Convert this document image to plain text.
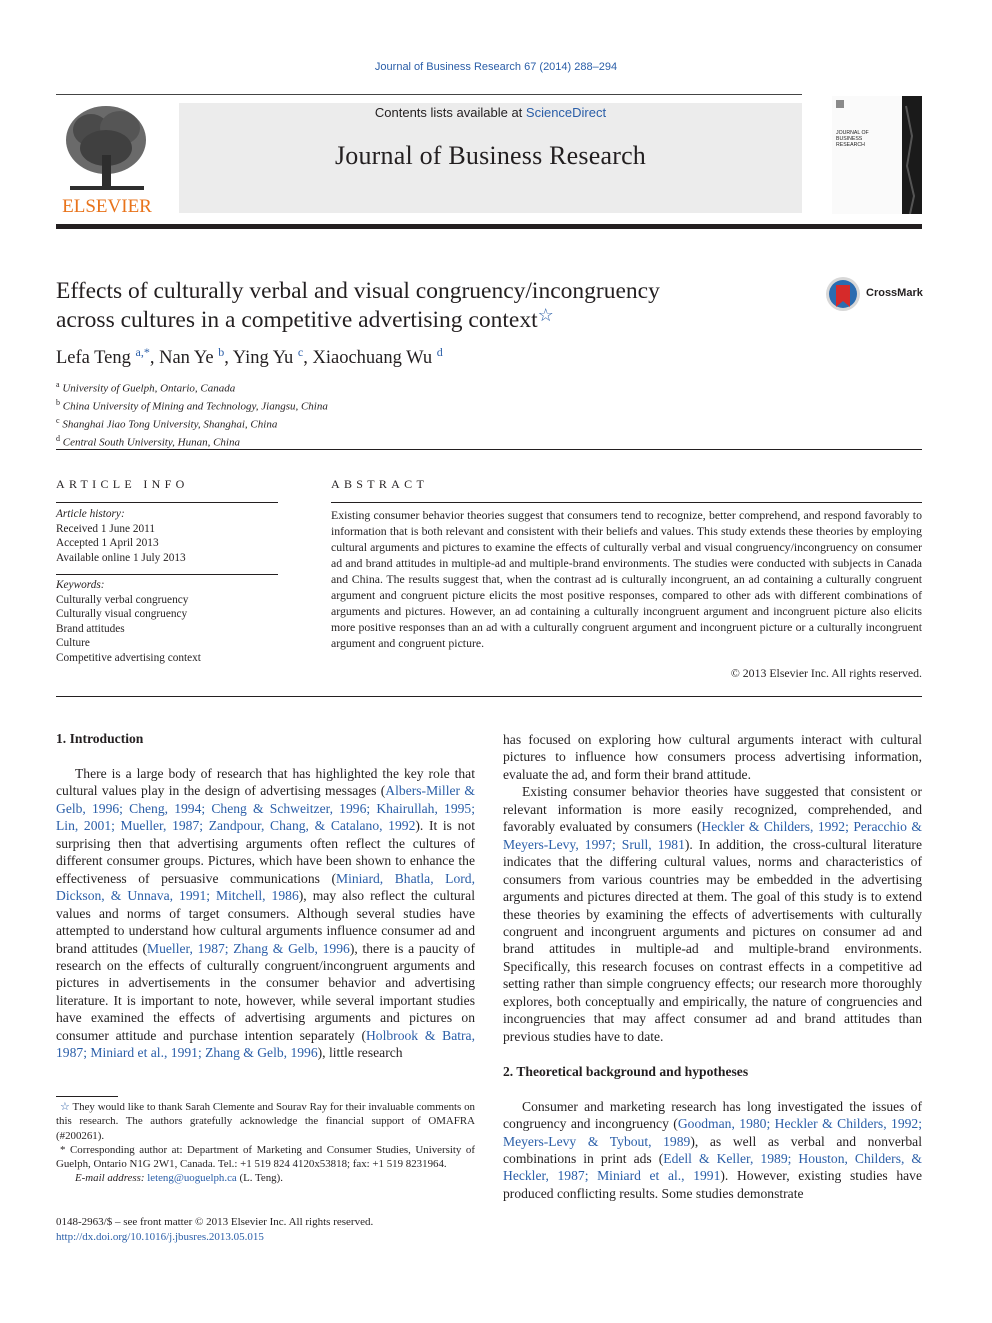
Journal of Business Research 67 (2014) 288–294
ELSEVIER
Contents lists available at ScienceDirect
Journal of Business Research
JOURNAL OF BUSINESS RESEARCH
Effects of culturally verbal and visual congruency/incongruency
across cultures in a competitive advertising context☆
CrossMark
Lefa Teng $^{a,*}$, Nan Ye $^b$, Ying Yu $^c$, Xiaochuang Wu $^d$
$^a$ University of Guelph, Ontario, Canada
$^b$ China University of Mining and Technology, Jiangsu, China
$^c$ Shanghai Jiao Tong University, Shanghai, China
$^d$ Central South University, Hunan, China
ARTICLE INFO
Article history:
Received 1 June 2011
Accepted 1 April 2013
Available online 1 July 2013
Keywords:
Culturally verbal congruency
Culturally visual congruency
Brand attitudes
Culture
Competitive advertising context
ABSTRACT
Existing consumer behavior theories suggest that consumers tend to recognize, better comprehend, and respond favorably to information that is both relevant and consistent with their beliefs and values. This study extends these theories by employing cultural arguments and pictures to examine the effects of culturally verbal and visual congruency/incongruency on consumer ad and brand attitudes in multiple-ad and multiple-brand environments. The studies were conducted with subjects in Canada and China. The results suggest that, when the contrast ad is culturally incongruent, an ad containing a culturally congruent argument and congruent picture elicits the most positive responses, compared to other ads with different combinations of arguments and pictures. However, an ad containing a culturally incongruent argument and incongruent picture also elicits more positive responses than an ad with a culturally congruent argument and incongruent picture or a culturally incongruent argument and congruent picture.
© 2013 Elsevier Inc. All rights reserved.
1. Introduction
There is a large body of research that has highlighted the key role that cultural values play in the design of advertising messages (Albers-Miller & Gelb, 1996; Cheng, 1994; Cheng & Schweitzer, 1996; Khairullah, 1995; Lin, 2001; Mueller, 1987; Zandpour, Chang, & Catalano, 1992). It is not surprising then that advertising arguments often reflect the cultures of different consumer groups. Pictures, which have been shown to enhance the effectiveness of persuasive communications (Miniard, Bhatla, Lord, Dickson, & Unnava, 1991; Mitchell, 1986), may also reflect the cultural values and norms of target consumers. Although several studies have attempted to understand how cultural arguments influence consumer ad and brand attitudes (Mueller, 1987; Zhang & Gelb, 1996), there is a paucity of research on the effects of culturally congruent/incongruent arguments and pictures in advertisements in the consumer behavior and advertising literature. It is important to note, however, while several important studies have examined the effects of advertising arguments and pictures on consumer attitude and purchase intention separately (Holbrook & Batra, 1987; Miniard et al., 1991; Zhang & Gelb, 1996), little research

☆ They would like to thank Sarah Clemente and Sourav Ray for their invaluable comments on this research. The authors gratefully acknowledge the financial support of OMAFRA (#200261).

* Corresponding author at: Department of Marketing and Consumer Studies, University of Guelph, Ontario N1G 2W1, Canada. Tel.: +1 519 824 4120x53818; fax: +1 519 8231964.

E-mail address: leteng@uoguelph.ca (L. Teng).

0148-2963/$ – see front matter © 2013 Elsevier Inc. All rights reserved.
http://dx.doi.org/10.1016/j.jbusres.2013.05.015

has focused on exploring how cultural arguments interact with cultural pictures to influence how consumers process advertising information, evaluate the ad, and form their brand attitude.

Existing consumer behavior theories have suggested that consistent or relevant information is more easily recognized, comprehended, and favorably evaluated by consumers (Heckler & Childers, 1992; Peracchio & Meyers-Levy, 1997; Srull, 1981). In addition, the cross-cultural literature indicates that the differing cultural values, norms and characteristics of consumers from various countries may be embedded in the advertising arguments and pictures directed at them. The goal of this study is to extend these theories by examining the effects of advertisements with culturally congruent and incongruent arguments and pictures on consumer ad and brand attitudes in multiple-ad and multiple-brand environments. Specifically, this research focuses on contrast effects in a competitive ad setting rather than simple congruency effects; our research more thoroughly explores, both conceptually and empirically, the nature of congruencies and incongruencies that may affect consumer ad and brand attitudes than previous studies have to date.

2. Theoretical background and hypotheses

Consumer and marketing research has long investigated the issues of congruency and incongruency (Goodman, 1980; Heckler & Childers, 1992; Meyers-Levy & Tybout, 1989), as well as verbal and nonverbal combinations in print ads (Edell & Keller, 1989; Houston, Childers, & Heckler, 1987; Miniard et al., 1991). However, existing studies have produced conflicting results. Some studies demonstrate
